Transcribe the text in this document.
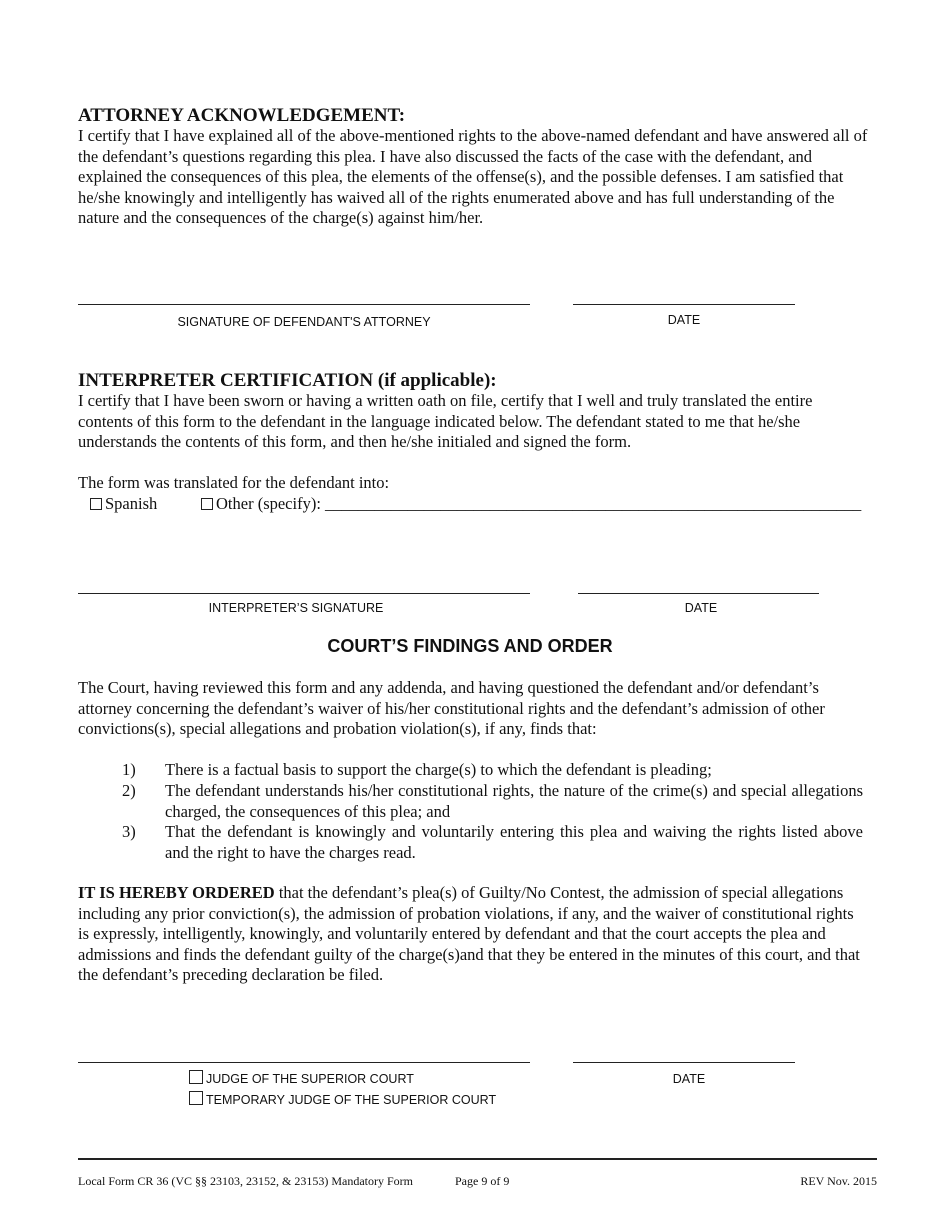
ATTORNEY ACKNOWLEDGEMENT:
I certify that I have explained all of the above-mentioned rights to the above-named defendant and have answered all of the defendant’s questions regarding this plea. I have also discussed the facts of the case with the defendant, and explained the consequences of this plea, the elements of the offense(s), and the possible defenses. I am satisfied that he/she knowingly and intelligently has waived all of the rights enumerated above and has full understanding of the nature and the consequences of the charge(s) against him/her.
SIGNATURE OF DEFENDANT'S ATTORNEY	DATE
INTERPRETER CERTIFICATION (if applicable):
I certify that I have been sworn or having a written oath on file, certify that I well and truly translated the entire contents of this form to the defendant in the language indicated below. The defendant stated to me that he/she understands the contents of this form, and then he/she initialed and signed the form.
The form was translated for the defendant into:
Spanish	Other (specify): _________________________________________________________________
INTERPRETER’S SIGNATURE	DATE
COURT’S FINDINGS AND ORDER
The Court, having reviewed this form and any addenda, and having questioned the defendant and/or defendant’s attorney concerning the defendant’s waiver of his/her constitutional rights and the defendant’s admission of other convictions(s), special allegations and probation violation(s), if any, finds that:
1) There is a factual basis to support the charge(s) to which the defendant is pleading;
2) The defendant understands his/her constitutional rights, the nature of the crime(s) and special allegations charged, the consequences of this plea; and
3) That the defendant is knowingly and voluntarily entering this plea and waiving the rights listed above and the right to have the charges read.
IT IS HEREBY ORDERED that the defendant’s plea(s) of Guilty/No Contest, the admission of special allegations including any prior conviction(s), the admission of probation violations, if any, and the waiver of constitutional rights is expressly, intelligently, knowingly, and voluntarily entered by defendant and that the court accepts the plea and admissions and finds the defendant guilty of the charge(s)and that they be entered in the minutes of this court, and that the defendant’s preceding declaration be filed.
JUDGE OF THE SUPERIOR COURT
TEMPORARY JUDGE OF THE SUPERIOR COURT
DATE
Local Form CR 36 (VC §§ 23103, 23152, & 23153) Mandatory Form	Page 9 of 9	REV Nov. 2015
